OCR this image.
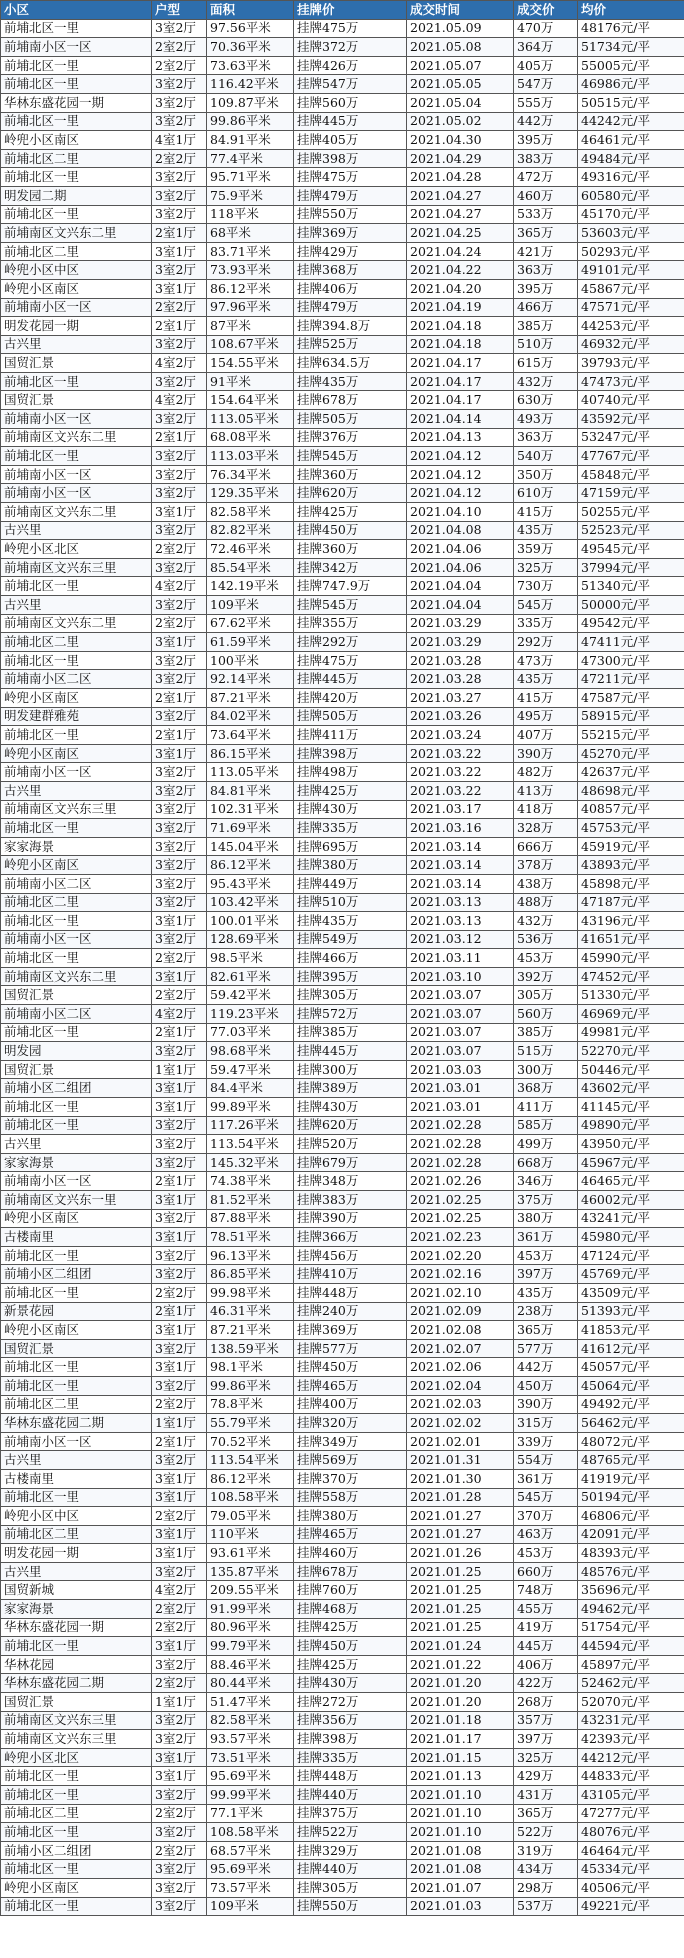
小区	户型	面积	挂牌价	成交时间	成交价	均价
前埔北区一里	3室2厅	97.56平米	挂牌475万	2021.05.09	470万	48176元/平
前埔南小区一区	2室2厅	70.36平米	挂牌372万	2021.05.08	364万	51734元/平
前埔北区一里	2室2厅	73.63平米	挂牌426万	2021.05.07	405万	55005元/平
前埔北区一里	3室2厅	116.42平米	挂牌547万	2021.05.05	547万	46986元/平
华林东盛花园一期	3室2厅	109.87平米	挂牌560万	2021.05.04	555万	50515元/平
前埔北区一里	3室2厅	99.86平米	挂牌445万	2021.05.02	442万	44242元/平
岭兜小区南区	4室1厅	84.91平米	挂牌405万	2021.04.30	395万	46461元/平
前埔北区二里	2室2厅	77.4平米	挂牌398万	2021.04.29	383万	49484元/平
前埔北区一里	3室2厅	95.71平米	挂牌475万	2021.04.28	472万	49316元/平
明发园二期	3室2厅	75.9平米	挂牌479万	2021.04.27	460万	60580元/平
前埔北区一里	3室2厅	118平米	挂牌550万	2021.04.27	533万	45170元/平
前埔南区文兴东二里	2室1厅	68平米	挂牌369万	2021.04.25	365万	53603元/平
前埔北区二里	3室1厅	83.71平米	挂牌429万	2021.04.24	421万	50293元/平
岭兜小区中区	3室2厅	73.93平米	挂牌368万	2021.04.22	363万	49101元/平
岭兜小区南区	3室1厅	86.12平米	挂牌406万	2021.04.20	395万	45867元/平
前埔南小区一区	2室2厅	97.96平米	挂牌479万	2021.04.19	466万	47571元/平
明发花园一期	2室1厅	87平米	挂牌394.8万	2021.04.18	385万	44253元/平
古兴里	3室2厅	108.67平米	挂牌525万	2021.04.18	510万	46932元/平
国贸汇景	4室2厅	154.55平米	挂牌634.5万	2021.04.17	615万	39793元/平
前埔北区一里	3室2厅	91平米	挂牌435万	2021.04.17	432万	47473元/平
国贸汇景	4室2厅	154.64平米	挂牌678万	2021.04.17	630万	40740元/平
前埔南小区一区	3室2厅	113.05平米	挂牌505万	2021.04.14	493万	43592元/平
前埔南区文兴东二里	2室1厅	68.08平米	挂牌376万	2021.04.13	363万	53247元/平
前埔北区一里	3室2厅	113.03平米	挂牌545万	2021.04.12	540万	47767元/平
前埔南小区一区	3室2厅	76.34平米	挂牌360万	2021.04.12	350万	45848元/平
前埔南小区一区	3室2厅	129.35平米	挂牌620万	2021.04.12	610万	47159元/平
前埔南区文兴东二里	3室1厅	82.58平米	挂牌425万	2021.04.10	415万	50255元/平
古兴里	3室2厅	82.82平米	挂牌450万	2021.04.08	435万	52523元/平
岭兜小区北区	2室2厅	72.46平米	挂牌360万	2021.04.06	359万	49545元/平
前埔南区文兴东三里	3室2厅	85.54平米	挂牌342万	2021.04.06	325万	37994元/平
前埔北区一里	4室2厅	142.19平米	挂牌747.9万	2021.04.04	730万	51340元/平
古兴里	3室2厅	109平米	挂牌545万	2021.04.04	545万	50000元/平
前埔南区文兴东二里	2室2厅	67.62平米	挂牌355万	2021.03.29	335万	49542元/平
前埔北区二里	3室1厅	61.59平米	挂牌292万	2021.03.29	292万	47411元/平
前埔北区一里	3室2厅	100平米	挂牌475万	2021.03.28	473万	47300元/平
前埔南小区二区	3室2厅	92.14平米	挂牌445万	2021.03.28	435万	47211元/平
岭兜小区南区	2室1厅	87.21平米	挂牌420万	2021.03.27	415万	47587元/平
明发建群雅苑	3室2厅	84.02平米	挂牌505万	2021.03.26	495万	58915元/平
前埔北区一里	2室1厅	73.64平米	挂牌411万	2021.03.24	407万	55215元/平
岭兜小区南区	3室1厅	86.15平米	挂牌398万	2021.03.22	390万	45270元/平
前埔南小区一区	3室2厅	113.05平米	挂牌498万	2021.03.22	482万	42637元/平
古兴里	3室2厅	84.81平米	挂牌425万	2021.03.22	413万	48698元/平
前埔南区文兴东三里	3室2厅	102.31平米	挂牌430万	2021.03.17	418万	40857元/平
前埔北区一里	3室2厅	71.69平米	挂牌335万	2021.03.16	328万	45753元/平
家家海景	3室2厅	145.04平米	挂牌695万	2021.03.14	666万	45919元/平
岭兜小区南区	3室2厅	86.12平米	挂牌380万	2021.03.14	378万	43893元/平
前埔南小区二区	3室2厅	95.43平米	挂牌449万	2021.03.14	438万	45898元/平
前埔北区二里	3室2厅	103.42平米	挂牌510万	2021.03.13	488万	47187元/平
前埔北区一里	3室1厅	100.01平米	挂牌435万	2021.03.13	432万	43196元/平
前埔南小区一区	3室2厅	128.69平米	挂牌549万	2021.03.12	536万	41651元/平
前埔北区一里	2室2厅	98.5平米	挂牌466万	2021.03.11	453万	45990元/平
前埔南区文兴东二里	3室1厅	82.61平米	挂牌395万	2021.03.10	392万	47452元/平
国贸汇景	2室2厅	59.42平米	挂牌305万	2021.03.07	305万	51330元/平
前埔南小区二区	4室2厅	119.23平米	挂牌572万	2021.03.07	560万	46969元/平
前埔北区一里	2室1厅	77.03平米	挂牌385万	2021.03.07	385万	49981元/平
明发园	3室2厅	98.68平米	挂牌445万	2021.03.07	515万	52270元/平
国贸汇景	1室1厅	59.47平米	挂牌300万	2021.03.03	300万	50446元/平
前埔小区二组团	3室1厅	84.4平米	挂牌389万	2021.03.01	368万	43602元/平
前埔北区一里	3室1厅	99.89平米	挂牌430万	2021.03.01	411万	41145元/平
前埔北区一里	3室2厅	117.26平米	挂牌620万	2021.02.28	585万	49890元/平
古兴里	3室2厅	113.54平米	挂牌520万	2021.02.28	499万	43950元/平
家家海景	3室2厅	145.32平米	挂牌679万	2021.02.28	668万	45967元/平
前埔南小区一区	2室1厅	74.38平米	挂牌348万	2021.02.26	346万	46465元/平
前埔南区文兴东一里	3室1厅	81.52平米	挂牌383万	2021.02.25	375万	46002元/平
岭兜小区南区	3室2厅	87.88平米	挂牌390万	2021.02.25	380万	43241元/平
古楼南里	3室1厅	78.51平米	挂牌366万	2021.02.23	361万	45980元/平
前埔北区一里	3室2厅	96.13平米	挂牌456万	2021.02.20	453万	47124元/平
前埔小区二组团	3室2厅	86.85平米	挂牌410万	2021.02.16	397万	45769元/平
前埔北区一里	2室2厅	99.98平米	挂牌448万	2021.02.10	435万	43509元/平
新景花园	2室1厅	46.31平米	挂牌240万	2021.02.09	238万	51393元/平
岭兜小区南区	3室1厅	87.21平米	挂牌369万	2021.02.08	365万	41853元/平
国贸汇景	3室2厅	138.59平米	挂牌577万	2021.02.07	577万	41612元/平
前埔北区一里	3室1厅	98.1平米	挂牌450万	2021.02.06	442万	45057元/平
前埔北区一里	3室2厅	99.86平米	挂牌465万	2021.02.04	450万	45064元/平
前埔北区二里	2室2厅	78.8平米	挂牌400万	2021.02.03	390万	49492元/平
华林东盛花园二期	1室1厅	55.79平米	挂牌320万	2021.02.02	315万	56462元/平
前埔南小区一区	2室1厅	70.52平米	挂牌349万	2021.02.01	339万	48072元/平
古兴里	3室2厅	113.54平米	挂牌569万	2021.01.31	554万	48765元/平
古楼南里	3室1厅	86.12平米	挂牌370万	2021.01.30	361万	41919元/平
前埔北区一里	3室1厅	108.58平米	挂牌558万	2021.01.28	545万	50194元/平
岭兜小区中区	2室2厅	79.05平米	挂牌380万	2021.01.27	370万	46806元/平
前埔北区二里	3室1厅	110平米	挂牌465万	2021.01.27	463万	42091元/平
明发花园一期	3室1厅	93.61平米	挂牌460万	2021.01.26	453万	48393元/平
古兴里	3室2厅	135.87平米	挂牌678万	2021.01.25	660万	48576元/平
国贸新城	4室2厅	209.55平米	挂牌760万	2021.01.25	748万	35696元/平
家家海景	2室2厅	91.99平米	挂牌468万	2021.01.25	455万	49462元/平
华林东盛花园一期	2室2厅	80.96平米	挂牌425万	2021.01.25	419万	51754元/平
前埔北区一里	3室1厅	99.79平米	挂牌450万	2021.01.24	445万	44594元/平
华林花园	3室2厅	88.46平米	挂牌425万	2021.01.22	406万	45897元/平
华林东盛花园二期	2室2厅	80.44平米	挂牌430万	2021.01.20	422万	52462元/平
国贸汇景	1室1厅	51.47平米	挂牌272万	2021.01.20	268万	52070元/平
前埔南区文兴东三里	3室2厅	82.58平米	挂牌356万	2021.01.18	357万	43231元/平
前埔南区文兴东三里	3室2厅	93.57平米	挂牌398万	2021.01.17	397万	42393元/平
岭兜小区北区	3室1厅	73.51平米	挂牌335万	2021.01.15	325万	44212元/平
前埔北区一里	3室1厅	95.69平米	挂牌448万	2021.01.13	429万	44833元/平
前埔北区一里	3室2厅	99.99平米	挂牌440万	2021.01.10	431万	43105元/平
前埔北区二里	2室2厅	77.1平米	挂牌375万	2021.01.10	365万	47277元/平
前埔北区一里	3室2厅	108.58平米	挂牌522万	2021.01.10	522万	48076元/平
前埔小区二组团	2室2厅	68.57平米	挂牌329万	2021.01.08	319万	46464元/平
前埔北区一里	3室2厅	95.69平米	挂牌440万	2021.01.08	434万	45334元/平
岭兜小区南区	3室2厅	73.57平米	挂牌305万	2021.01.07	298万	40506元/平
前埔北区一里	3室2厅	109平米	挂牌550万	2021.01.03	537万	49221元/平
